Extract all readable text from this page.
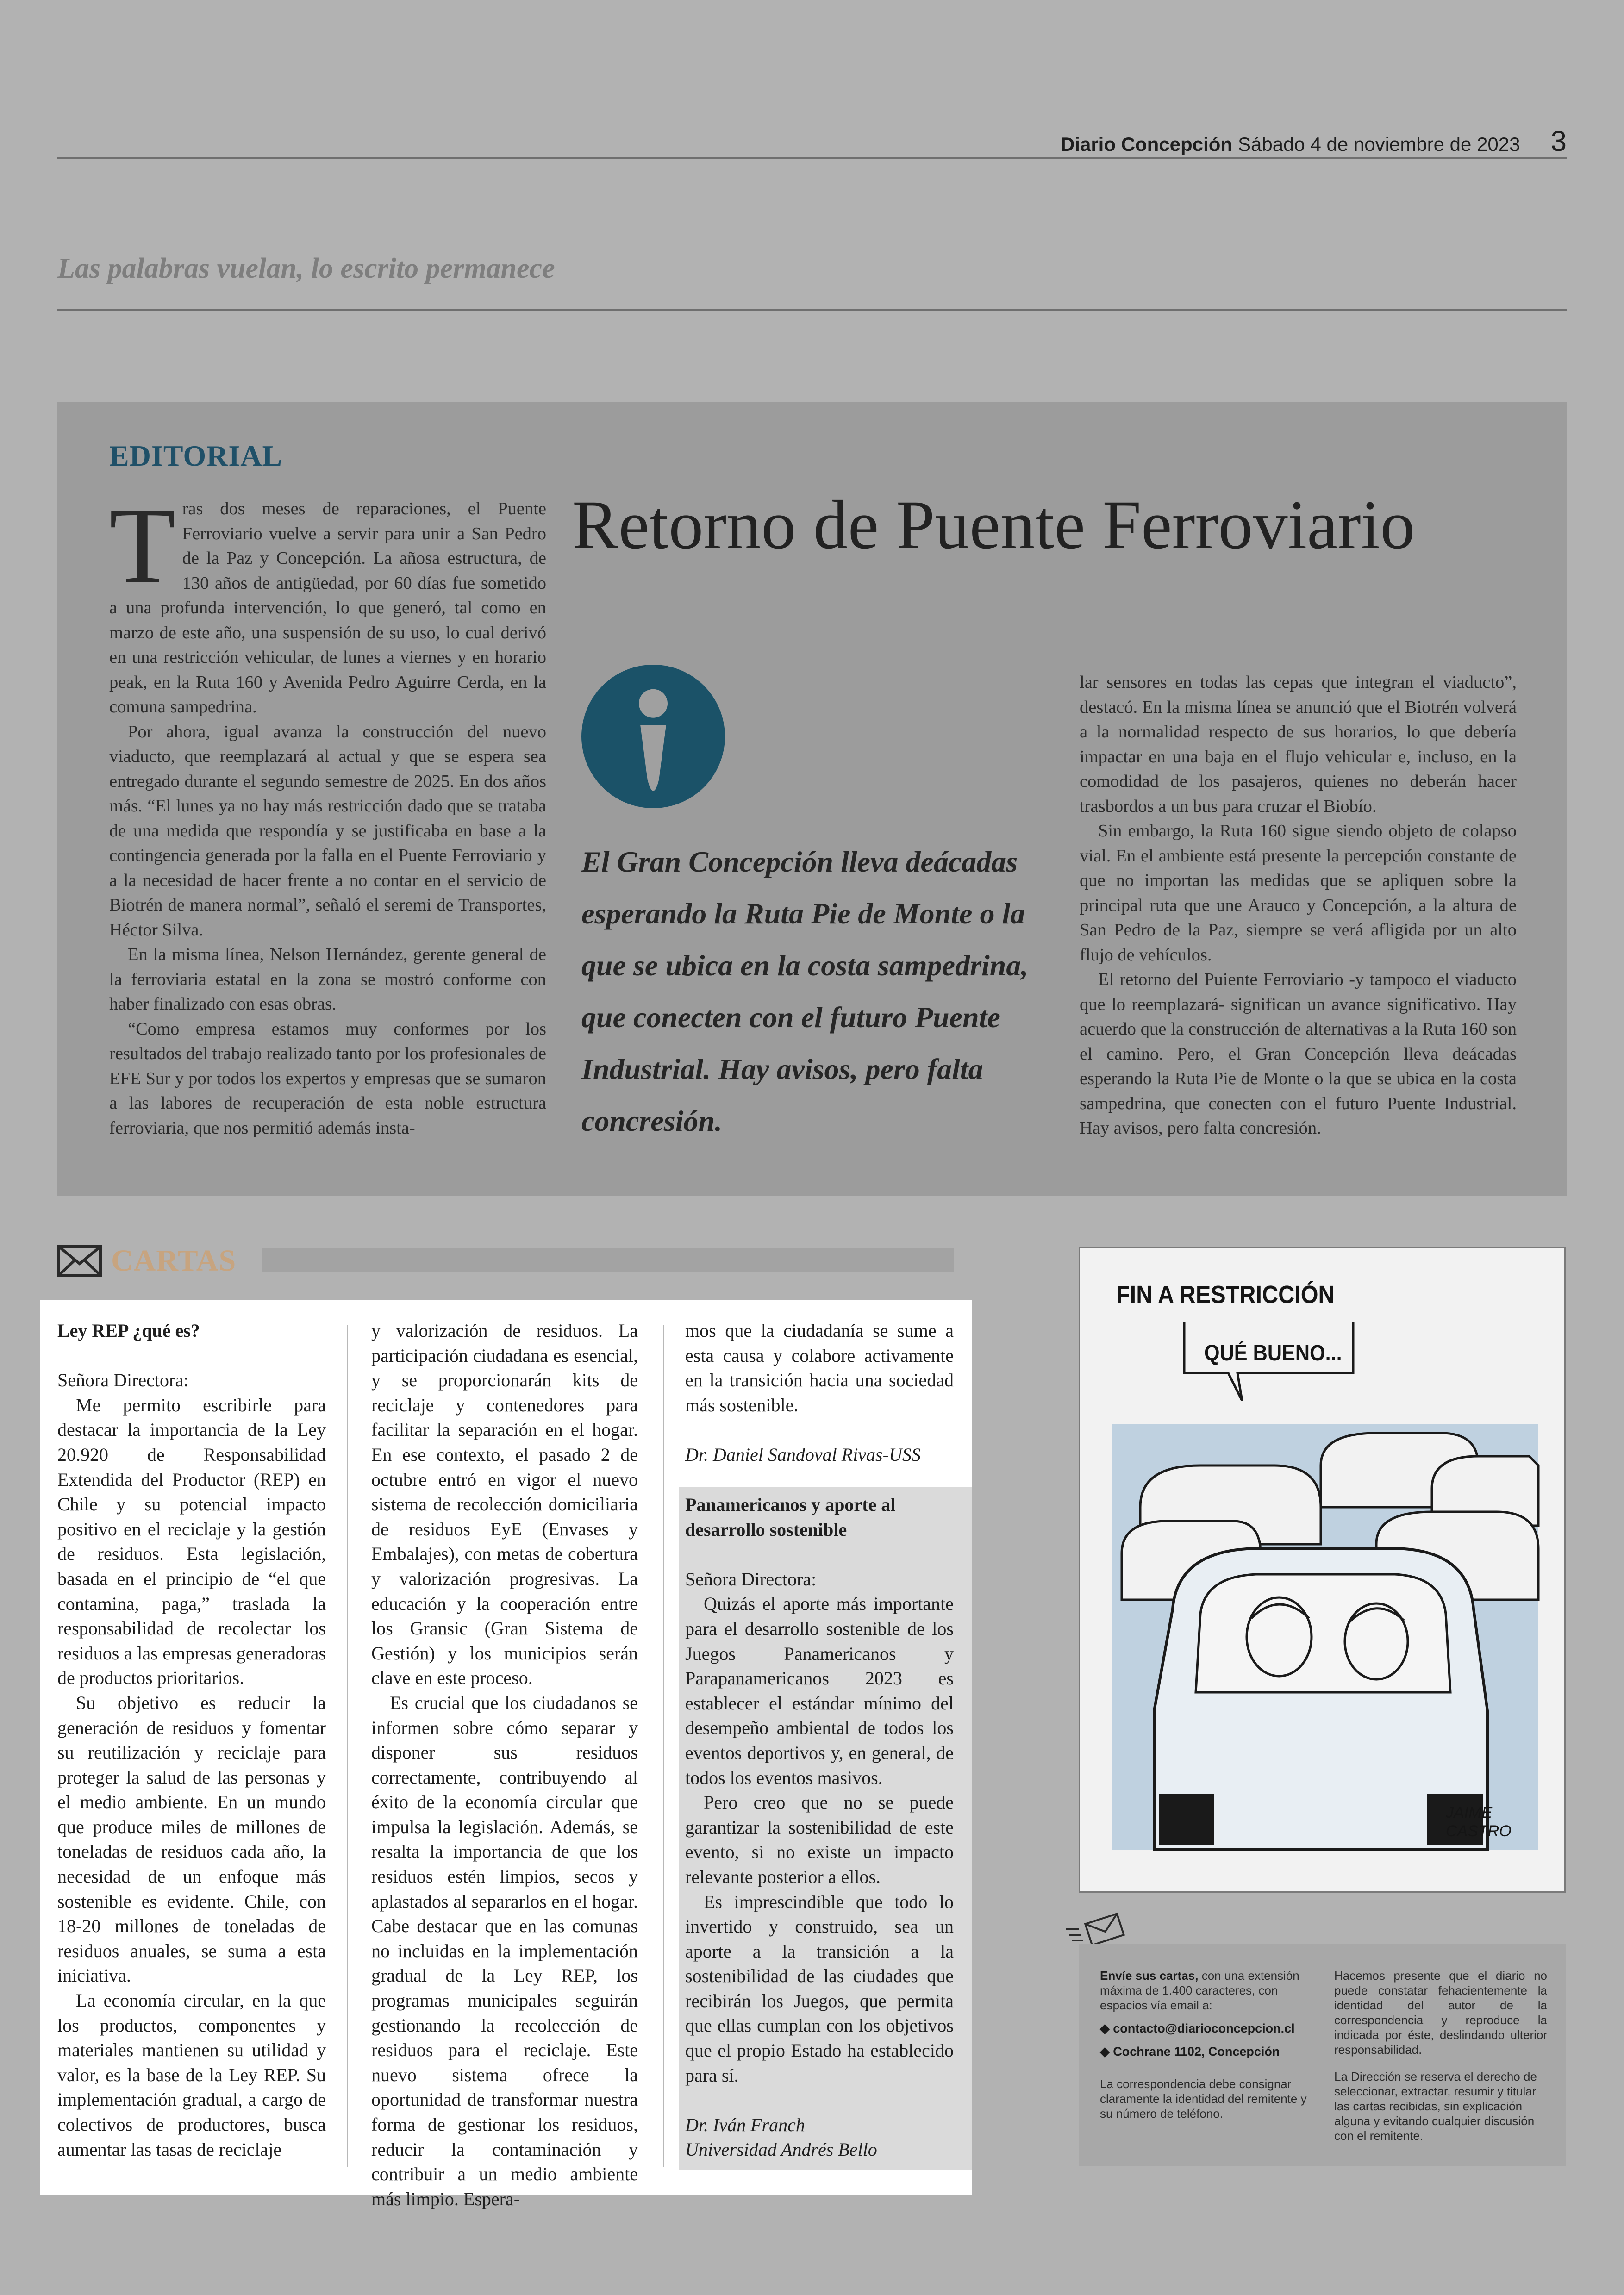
Diario Concepción Sábado 4 de noviembre de 2023 3
Las palabras vuelan, lo escrito permanece
EDITORIAL
Retorno de Puente Ferroviario

Tras dos meses de reparaciones, el Puente Ferroviario vuelve a servir para unir a San Pedro de la Paz y Concepción. La añosa estructura, de 130 años de antigüedad, por 60 días fue sometido a una profunda intervención, lo que generó, tal como en marzo de este año, una suspensión de su uso, lo cual derivó en una restricción vehicular, de lunes a viernes y en horario peak, en la Ruta 160 y Avenida Pedro Aguirre Cerda, en la comuna sampedrina.

Por ahora, igual avanza la construcción del nuevo viaducto, que reemplazará al actual y que se espera sea entregado durante el segundo semestre de 2025. En dos años más. “El lunes ya no hay más restricción dado que se trataba de una medida que respondía y se justificaba en base a la contingencia generada por la falla en el Puente Ferroviario y a la necesidad de hacer frente a no contar en el servicio de Biotrén de manera normal”, señaló el seremi de Transportes, Héctor Silva.

En la misma línea, Nelson Hernández, gerente general de la ferroviaria estatal en la zona se mostró conforme con haber finalizado con esas obras.

“Como empresa estamos muy conformes por los resultados del trabajo realizado tanto por los profesionales de EFE Sur y por todos los expertos y empresas que se sumaron a las labores de recuperación de esta noble estructura ferroviaria, que nos permitió además insta-

El Gran Concepción lleva deácadas esperando la Ruta Pie de Monte o la que se ubica en la costa sampedrina, que conecten con el futuro Puente Industrial. Hay avisos, pero falta concresión.

lar sensores en todas las cepas que integran el viaducto”, destacó. En la misma línea se anunció que el Biotrén volverá a la normalidad respecto de sus horarios, lo que debería impactar en una baja en el flujo vehicular e, incluso, en la comodidad de los pasajeros, quienes no deberán hacer trasbordos a un bus para cruzar el Biobío.

Sin embargo, la Ruta 160 sigue siendo objeto de colapso vial. En el ambiente está presente la percepción constante de que no importan las medidas que se apliquen sobre la principal ruta que une Arauco y Concepción, a la altura de San Pedro de la Paz, siempre se verá afligida por un alto flujo de vehículos.

El retorno del Puiente Ferroviario -y tampoco el viaducto que lo reemplazará- significan un avance significativo. Hay acuerdo que la construcción de alternativas a la Ruta 160 son el camino. Pero, el Gran Concepción lleva deácadas esperando la Ruta Pie de Monte o la que se ubica en la costa sampedrina, que conecten con el futuro Puente Industrial. Hay avisos, pero falta concresión.

CARTAS

Ley REP ¿qué es?

Señora Directora:

Me permito escribirle para destacar la importancia de la Ley 20.920 de Responsabilidad Extendida del Productor (REP) en Chile y su potencial impacto positivo en el reciclaje y la gestión de residuos. Esta legislación, basada en el principio de “el que contamina, paga,” traslada la responsabilidad de recolectar los residuos a las empresas generadoras de productos prioritarios.

Su objetivo es reducir la generación de residuos y fomentar su reutilización y reciclaje para proteger la salud de las personas y el medio ambiente. En un mundo que produce miles de millones de toneladas de residuos cada año, la necesidad de un enfoque más sostenible es evidente. Chile, con 18-20 millones de toneladas de residuos anuales, se suma a esta iniciativa.

La economía circular, en la que los productos, componentes y materiales mantienen su utilidad y valor, es la base de la Ley REP. Su implementación gradual, a cargo de colectivos de productores, busca aumentar las tasas de reciclaje

y valorización de residuos. La participación ciudadana es esencial, y se proporcionarán kits de reciclaje y contenedores para facilitar la separación en el hogar. En ese contexto, el pasado 2 de octubre entró en vigor el nuevo sistema de recolección domiciliaria de residuos EyE (Envases y Embalajes), con metas de cobertura y valorización progresivas. La educación y la cooperación entre los Gransic (Gran Sistema de Gestión) y los municipios serán clave en este proceso.

Es crucial que los ciudadanos se informen sobre cómo separar y disponer sus residuos correctamente, contribuyendo al éxito de la economía circular que impulsa la legislación. Además, se resalta la importancia de que los residuos estén limpios, secos y aplastados al separarlos en el hogar. Cabe destacar que en las comunas no incluidas en la implementación gradual de la Ley REP, los programas municipales seguirán gestionando la recolección de residuos para el reciclaje. Este nuevo sistema ofrece la oportunidad de transformar nuestra forma de gestionar los residuos, reducir la contaminación y contribuir a un medio ambiente más limpio. Espera-

mos que la ciudadanía se sume a esta causa y colabore activamente en la transición hacia una sociedad más sostenible.

Dr. Daniel Sandoval Rivas-USS

Panamericanos y aporte al desarrollo sostenible

Señora Directora:

Quizás el aporte más importante para el desarrollo sostenible de los Juegos Panamericanos y Parapanamericanos 2023 es establecer el estándar mínimo del desempeño ambiental de todos los eventos deportivos y, en general, de todos los eventos masivos.

Pero creo que no se puede garantizar la sostenibilidad de este evento, si no existe un impacto relevante posterior a ellos.

Es imprescindible que todo lo invertido y construido, sea un aporte a la transición a la sostenibilidad de las ciudades que recibirán los Juegos, que permita que ellas cumplan con los objetivos que el propio Estado ha establecido para sí.

Dr. Iván Franch

Universidad Andrés Bello

FIN A RESTRICCIÓN
QUÉ BUENO...
JAIME CASTRO
Envíe sus cartas, con una extensión máxima de 1.400 caracteres, con espacios vía email a:
◆ contacto@diarioconcepcion.cl
◆ Cochrane 1102, Concepción
La correspondencia debe consignar claramente la identidad del remitente y su número de teléfono.
Hacemos presente que el diario no puede constatar fehacientemente la identidad del autor de la correspondencia y reproduce la indicada por éste, deslindando ulterior responsabilidad.
La Dirección se reserva el derecho de seleccionar, extractar, resumir y titular las cartas recibidas, sin explicación alguna y evitando cualquier discusión con el remitente.
